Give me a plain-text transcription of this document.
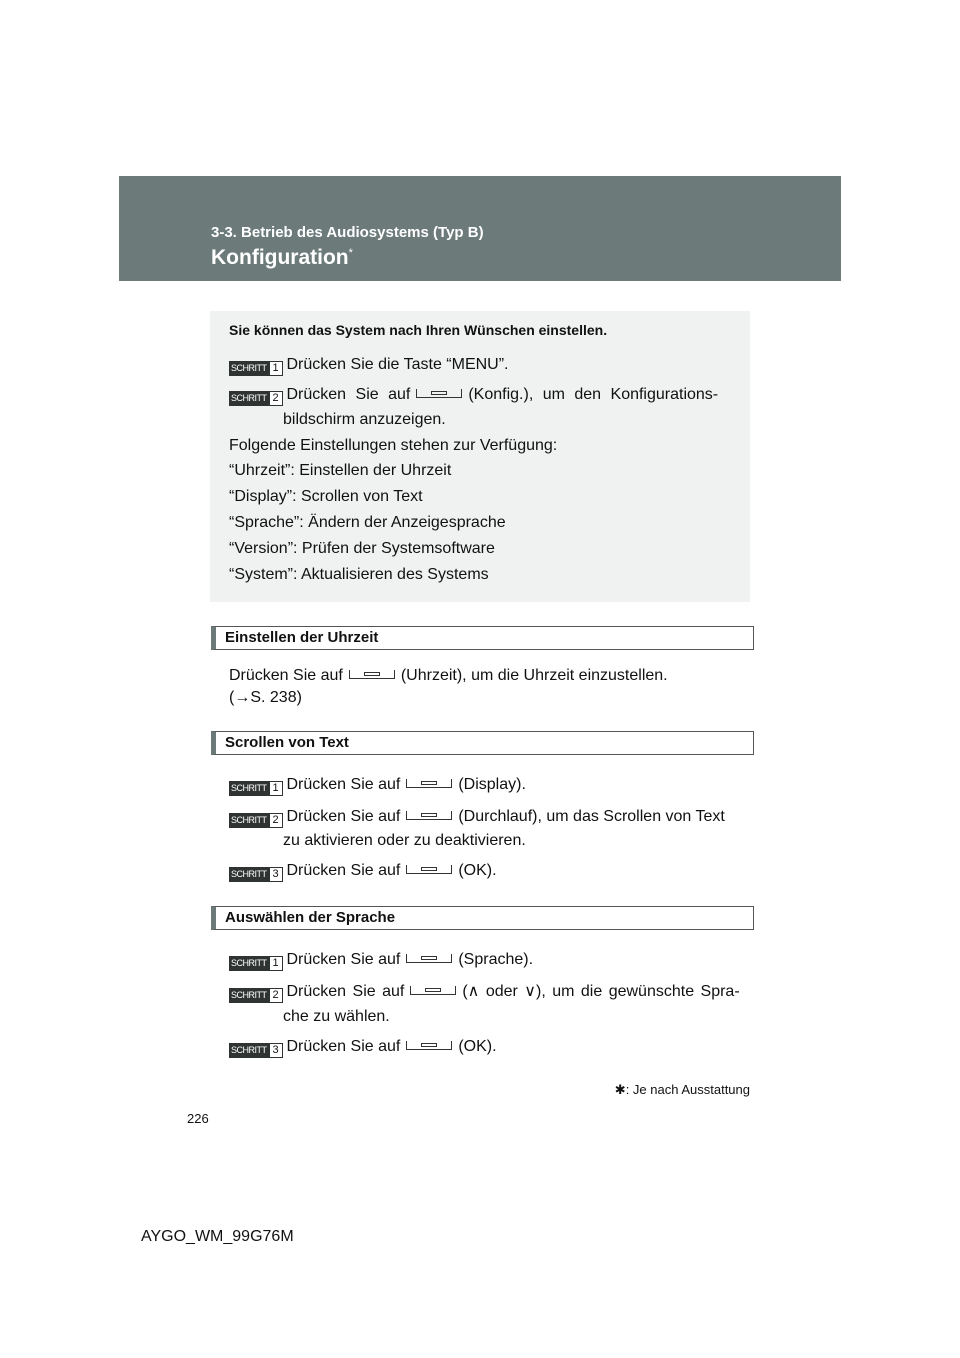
3-3. Betrieb des Audiosystems (Typ B)
Konfiguration*
Sie können das System nach Ihren Wünschen einstellen.
SCHRITT 1 Drücken Sie die Taste “MENU”.
SCHRITT 2 Drücken Sie auf	(Konfig.), um den Konfigurations-
bildschirm anzuzeigen.
Folgende Einstellungen stehen zur Verfügung:
“Uhrzeit”: Einstellen der Uhrzeit
“Display”: Scrollen von Text
“Sprache”: Ändern der Anzeigesprache
“Version”: Prüfen der Systemsoftware
“System”: Aktualisieren des Systems
Einstellen der Uhrzeit
Drücken Sie auf	(Uhrzeit), um die Uhrzeit einzustellen.
(→S. 238)
Scrollen von Text
SCHRITT 1 Drücken Sie auf	(Display).
SCHRITT 2 Drücken Sie auf	(Durchlauf), um das Scrollen von Text
zu aktivieren oder zu deaktivieren.
SCHRITT 3 Drücken Sie auf	(OK).
Auswählen der Sprache
SCHRITT 1 Drücken Sie auf	(Sprache).
SCHRITT 2 Drücken Sie auf	(∧ oder ∨), um die gewünschte Spra-
che zu wählen.
SCHRITT 3 Drücken Sie auf	(OK).
✱: Je nach Ausstattung
226
AYGO_WM_99G76M
